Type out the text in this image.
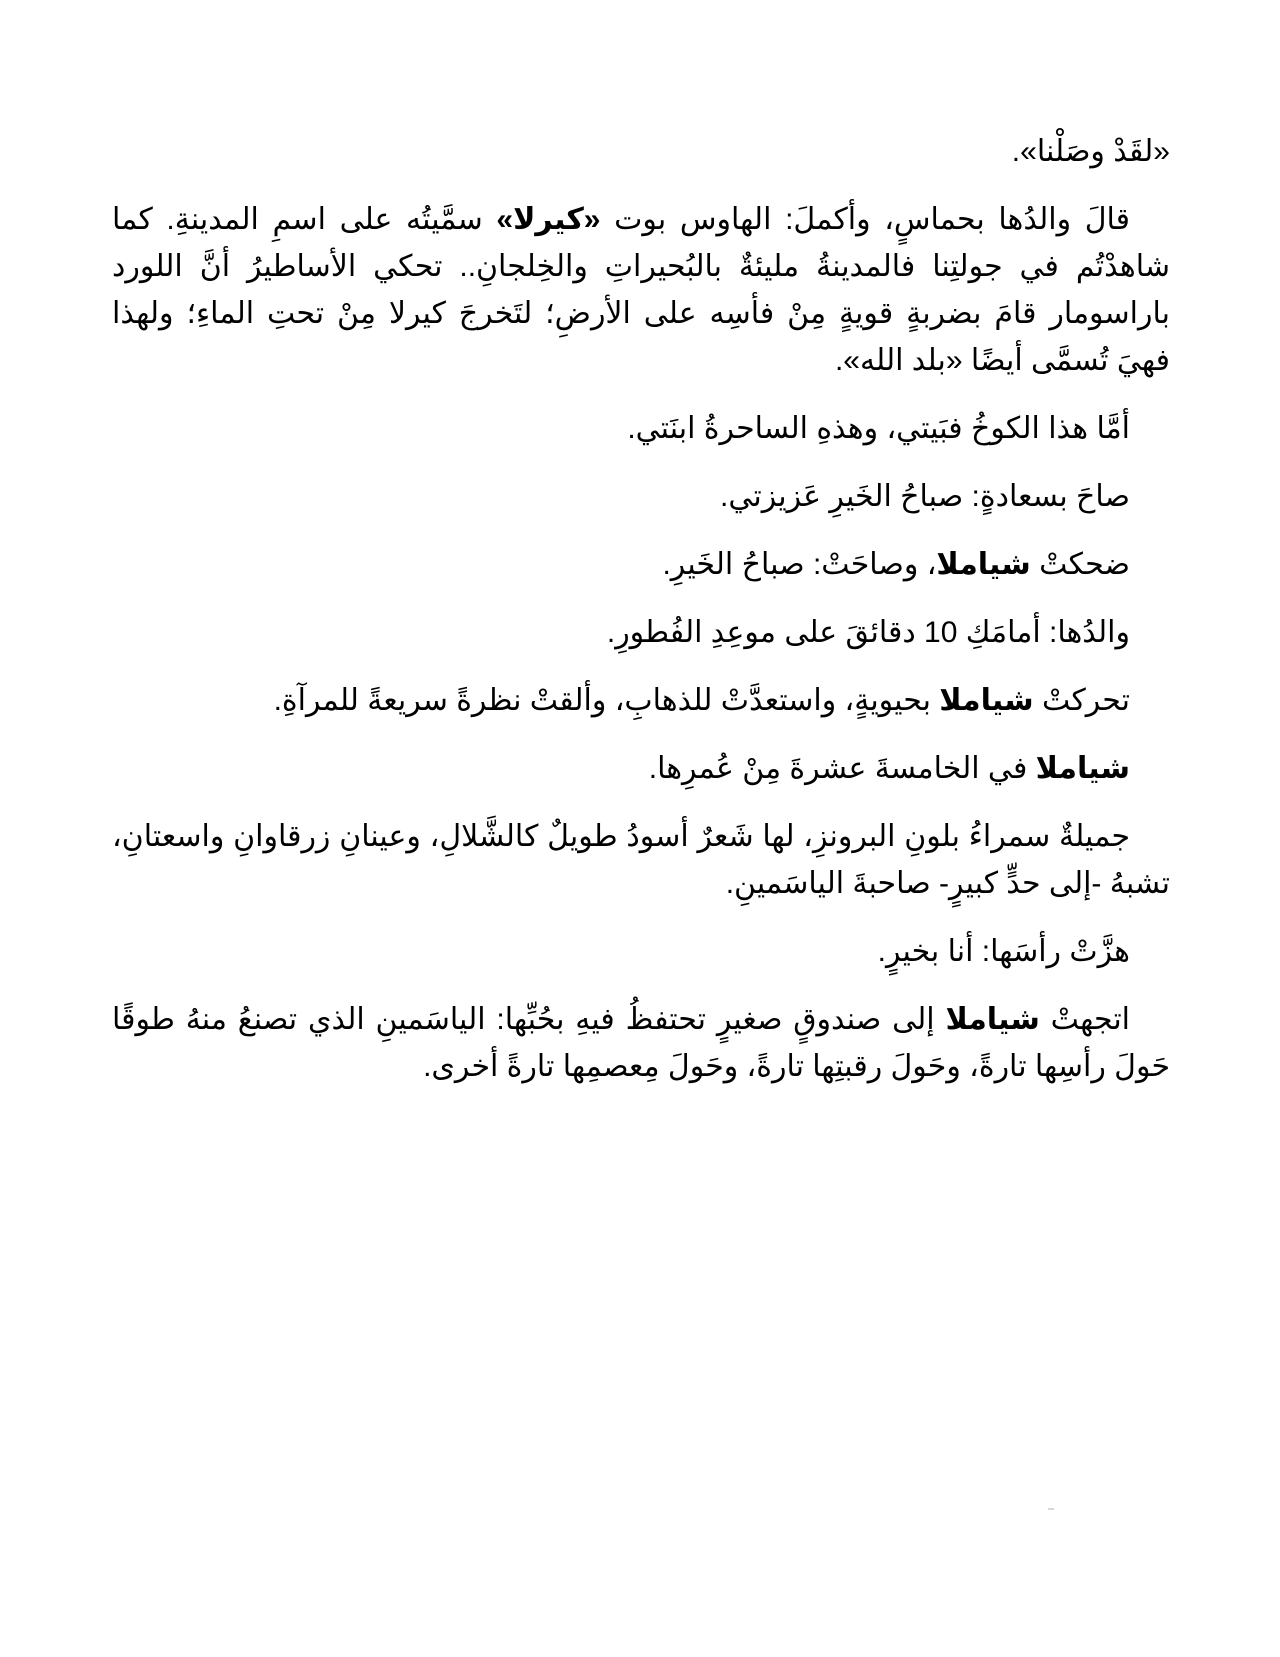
«لقَدْ وصَلْنا».

قالَ والدُها بحماسٍ، وأكملَ: الهاوس بوت «كيرلا» سمَّيتُه على اسمِ المدينةِ. كما شاهدْتُم في جولتِنا فالمدينةُ مليئةٌ بالبُحيراتِ والخِلجانِ.. تحكي الأساطيرُ أنَّ اللورد باراسومار قامَ بضربةٍ قويةٍ مِنْ فأسِه على الأرضِ؛ لتَخرجَ كيرلا مِنْ تحتِ الماءِ؛ ولهذا فهيَ تُسمَّى أيضًا «بلد الله».

أمَّا هذا الكوخُ فبَيتي، وهذهِ الساحرةُ ابنَتي.

صاحَ بسعادةٍ: صباحُ الخَيرِ عَزيزتي.

ضحكتْ شياملا، وصاحَتْ: صباحُ الخَيرِ.

والدُها: أمامَكِ 10 دقائقَ على موعِدِ الفُطورِ.

تحركتْ شياملا بحيويةٍ، واستعدَّتْ للذهابِ، وألقتْ نظرةً سريعةً للمرآةِ.

شياملا في الخامسةَ عشرةَ مِنْ عُمرِها.

جميلةٌ سمراءُ بلونِ البرونزِ، لها شَعرٌ أسودُ طويلٌ كالشَّلالِ، وعينانِ زرقاوانِ واسعتانِ، تشبهُ -إلى حدٍّ كبيرٍ- صاحبةَ الياسَمينِ.

هزَّتْ رأسَها: أنا بخيرٍ.

اتجهتْ شياملا إلى صندوقٍ صغيرٍ تحتفظُ فيهِ بحُبِّها: الياسَمينِ الذي تصنعُ منهُ طوقًا حَولَ رأسِها تارةً، وحَولَ رقبتِها تارةً، وحَولَ مِعصمِها تارةً أخرى.
